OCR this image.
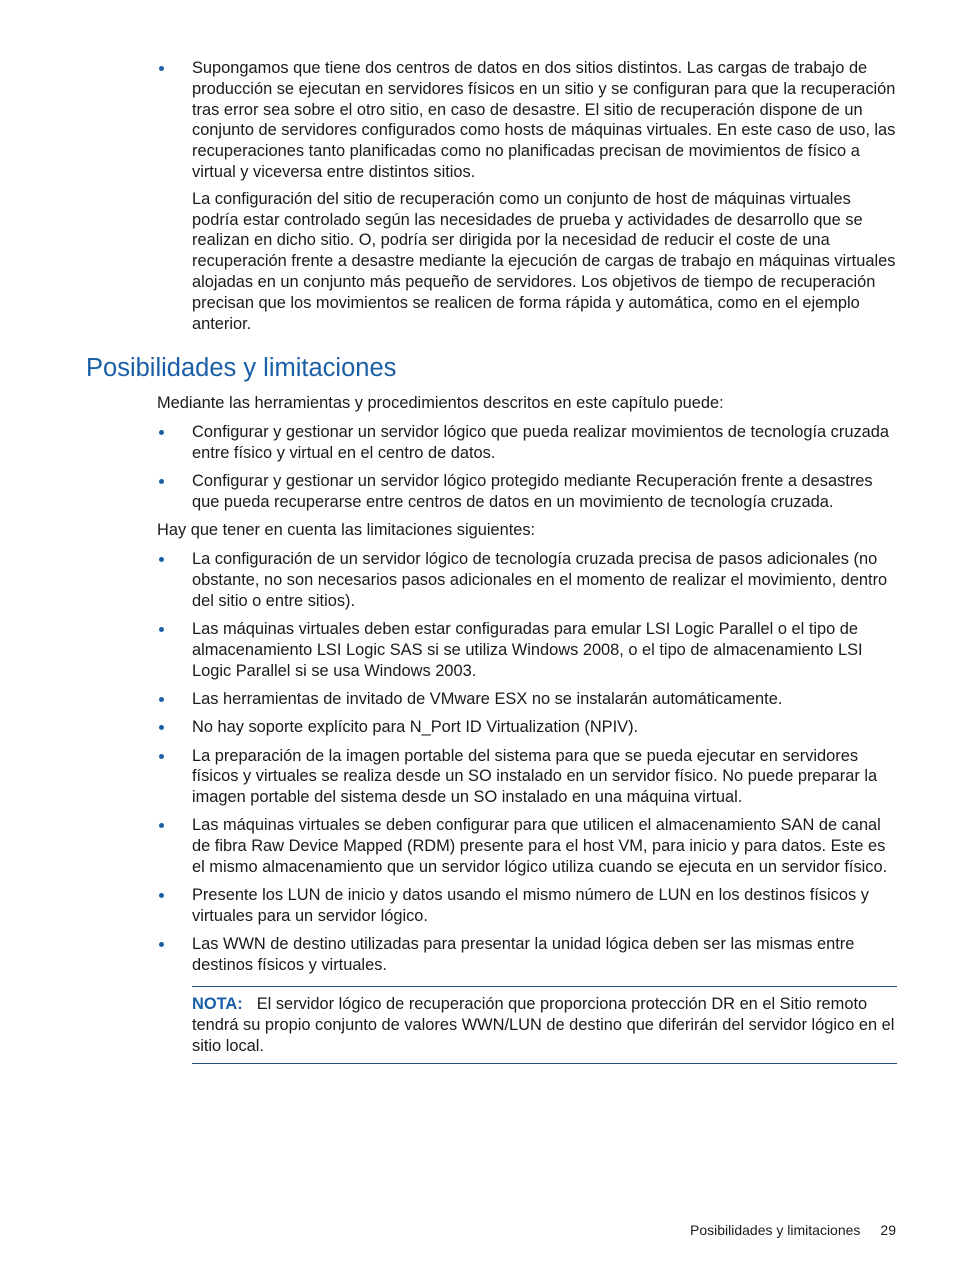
Supongamos que tiene dos centros de datos en dos sitios distintos. Las cargas de trabajo de producción se ejecutan en servidores físicos en un sitio y se configuran para que la recuperación tras error sea sobre el otro sitio, en caso de desastre. El sitio de recuperación dispone de un conjunto de servidores configurados como hosts de máquinas virtuales. En este caso de uso, las recuperaciones tanto planificadas como no planificadas precisan de movimientos de físico a virtual y viceversa entre distintos sitios.

La configuración del sitio de recuperación como un conjunto de host de máquinas virtuales podría estar controlado según las necesidades de prueba y actividades de desarrollo que se realizan en dicho sitio. O, podría ser dirigida por la necesidad de reducir el coste de una recuperación frente a desastre mediante la ejecución de cargas de trabajo en máquinas virtuales alojadas en un conjunto más pequeño de servidores. Los objetivos de tiempo de recuperación precisan que los movimientos se realicen de forma rápida y automática, como en el ejemplo anterior.

Posibilidades y limitaciones

Mediante las herramientas y procedimientos descritos en este capítulo puede:

Configurar y gestionar un servidor lógico que pueda realizar movimientos de tecnología cruzada entre físico y virtual en el centro de datos.

Configurar y gestionar un servidor lógico protegido mediante Recuperación frente a desastres que pueda recuperarse entre centros de datos en un movimiento de tecnología cruzada.

Hay que tener en cuenta las limitaciones siguientes:

La configuración de un servidor lógico de tecnología cruzada precisa de pasos adicionales (no obstante, no son necesarios pasos adicionales en el momento de realizar el movimiento, dentro del sitio o entre sitios).

Las máquinas virtuales deben estar configuradas para emular LSI Logic Parallel o el tipo de almacenamiento LSI Logic SAS si se utiliza Windows 2008, o el tipo de almacenamiento LSI Logic Parallel si se usa Windows 2003.

Las herramientas de invitado de VMware ESX no se instalarán automáticamente.

No hay soporte explícito para N_Port ID Virtualization (NPIV).

La preparación de la imagen portable del sistema para que se pueda ejecutar en servidores físicos y virtuales se realiza desde un SO instalado en un servidor físico. No puede preparar la imagen portable del sistema desde un SO instalado en una máquina virtual.

Las máquinas virtuales se deben configurar para que utilicen el almacenamiento SAN de canal de fibra Raw Device Mapped (RDM) presente para el host VM, para inicio y para datos. Este es el mismo almacenamiento que un servidor lógico utiliza cuando se ejecuta en un servidor físico.

Presente los LUN de inicio y datos usando el mismo número de LUN en los destinos físicos y virtuales para un servidor lógico.

Las WWN de destino utilizadas para presentar la unidad lógica deben ser las mismas entre destinos físicos y virtuales.

NOTA: El servidor lógico de recuperación que proporciona protección DR en el Sitio remoto tendrá su propio conjunto de valores WWN/LUN de destino que diferirán del servidor lógico en el sitio local.
Posibilidades y limitaciones 29
